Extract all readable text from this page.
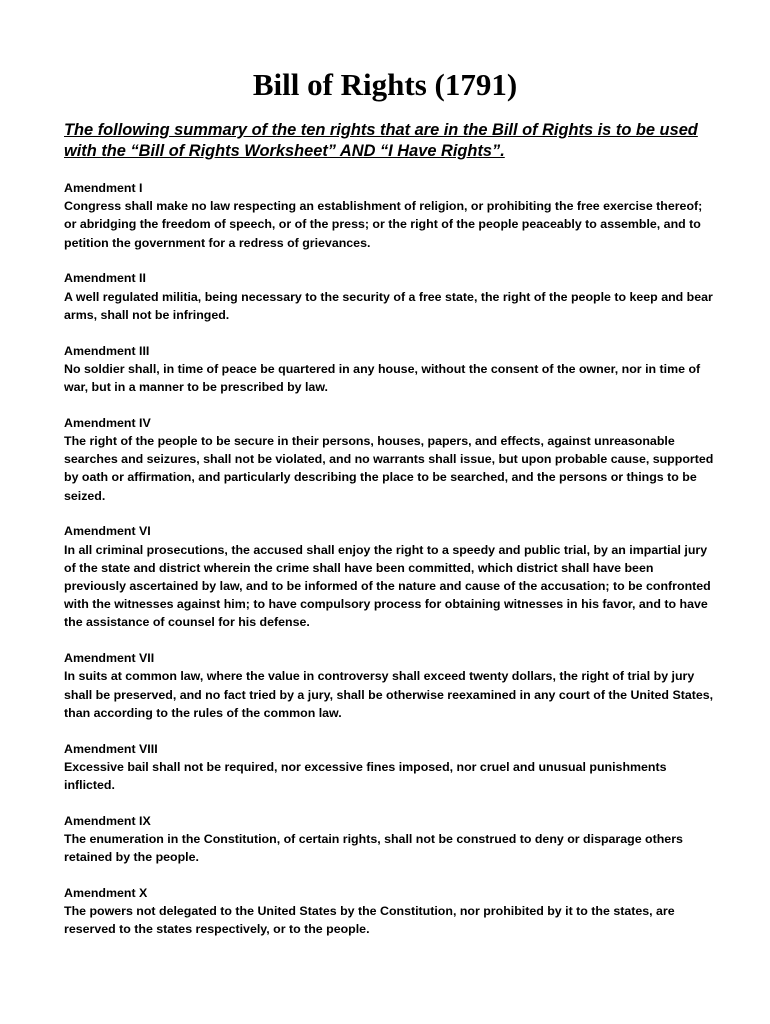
Bill of Rights (1791)

The following summary of the ten rights that are in the Bill of Rights is to be used with the “Bill of Rights Worksheet” AND “I Have Rights”.

Amendment I
Congress shall make no law respecting an establishment of religion, or prohibiting the free exercise thereof; or abridging the freedom of speech, or of the press; or the right of the people peaceably to assemble, and to petition the government for a redress of grievances.
Amendment II
A well regulated militia, being necessary to the security of a free state, the right of the people to keep and bear arms, shall not be infringed.
Amendment III
No soldier shall, in time of peace be quartered in any house, without the consent of the owner, nor in time of war, but in a manner to be prescribed by law.
Amendment IV
The right of the people to be secure in their persons, houses, papers, and effects, against unreasonable searches and seizures, shall not be violated, and no warrants shall issue, but upon probable cause, supported by oath or affirmation, and particularly describing the place to be searched, and the persons or things to be seized.
Amendment VI
In all criminal prosecutions, the accused shall enjoy the right to a speedy and public trial, by an impartial jury of the state and district wherein the crime shall have been committed, which district shall have been previously ascertained by law, and to be informed of the nature and cause of the accusation; to be confronted with the witnesses against him; to have compulsory process for obtaining witnesses in his favor, and to have the assistance of counsel for his defense.
Amendment VII
In suits at common law, where the value in controversy shall exceed twenty dollars, the right of trial by jury shall be preserved, and no fact tried by a jury, shall be otherwise reexamined in any court of the United States, than according to the rules of the common law.
Amendment VIII
Excessive bail shall not be required, nor excessive fines imposed, nor cruel and unusual punishments inflicted.
Amendment IX
The enumeration in the Constitution, of certain rights, shall not be construed to deny or disparage others retained by the people.
Amendment X
The powers not delegated to the United States by the Constitution, nor prohibited by it to the states, are reserved to the states respectively, or to the people.
